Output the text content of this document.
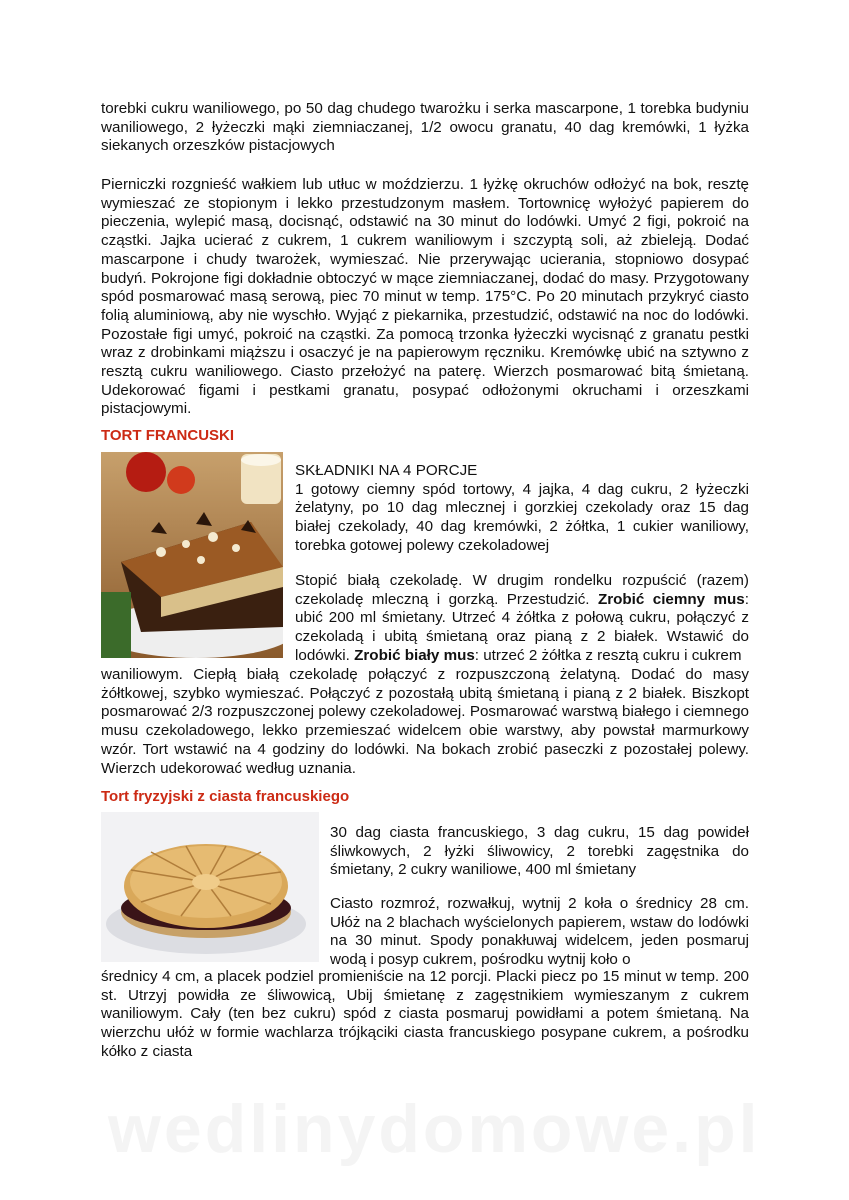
torebki cukru waniliowego, po 50 dag chudego twarożku i serka mascarpone, 1 torebka budyniu waniliowego, 2 łyżeczki mąki ziemniaczanej, 1/2 owocu granatu, 40 dag kremówki, 1 łyżka siekanych orzeszków pistacjowych

Pierniczki rozgnieść wałkiem lub utłuc w moździerzu. 1 łyżkę okruchów odłożyć na bok, resztę wymieszać ze stopionym i lekko przestudzonym masłem. Tortownicę wyłożyć papierem do pieczenia, wylepić masą, docisnąć, odstawić na 30 minut do lodówki. Umyć 2 figi, pokroić na cząstki. Jajka ucierać z cukrem, 1 cukrem waniliowym i szczyptą soli, aż zbieleją. Dodać mascarpone i chudy twarożek, wymieszać. Nie przerywając ucierania, stopniowo dosypać budyń. Pokrojone figi dokładnie obtoczyć w mące ziemniaczanej, dodać do masy. Przygotowany spód posmarować masą serową, piec 70 minut w temp. 175°C. Po 20 minutach przykryć ciasto folią aluminiową, aby nie wyschło. Wyjąć z piekarnika, przestudzić, odstawić na noc do lodówki. Pozostałe figi umyć, pokroić na cząstki. Za pomocą trzonka łyżeczki wycisnąć z granatu pestki wraz z drobinkami miąższu i osaczyć je na papierowym ręczniku. Kremówkę ubić na sztywno z resztą cukru waniliowego. Ciasto przełożyć na paterę. Wierzch posmarować bitą śmietaną. Udekorować figami i pestkami granatu, posypać odłożonymi okruchami i orzeszkami pistacjowymi.

TORT FRANCUSKI

SKŁADNIKI NA 4 PORCJE

1 gotowy ciemny spód tortowy, 4 jajka, 4 dag cukru, 2 łyżeczki żelatyny, po 10 dag mlecznej i gorzkiej czekolady oraz 15 dag białej czekolady, 40 dag kremówki, 2 żółtka, 1 cukier waniliowy, torebka gotowej polewy czekoladowej

Stopić białą czekoladę. W drugim rondelku rozpuścić (razem) czekoladę mleczną i gorzką. Przestudzić. Zrobić ciemny mus: ubić 200 ml śmietany. Utrzeć 4 żółtka z połową cukru, połączyć z czekoladą i ubitą śmietaną oraz pianą z 2 białek. Wstawić do lodówki. Zrobić biały mus: utrzeć 2 żółtka z resztą cukru i cukrem

waniliowym. Ciepłą białą czekoladę połączyć z rozpuszczoną żelatyną. Dodać do masy żółtkowej, szybko wymieszać. Połączyć z pozostałą ubitą śmietaną i pianą z 2 białek. Biszkopt posmarować 2/3 rozpuszczonej polewy czekoladowej. Posmarować warstwą białego i ciemnego musu czekoladowego, lekko przemieszać widelcem obie warstwy, aby powstał marmurkowy wzór. Tort wstawić na 4 godziny do lodówki. Na bokach zrobić paseczki z pozostałej polewy. Wierzch udekorować według uznania.

Tort fryzyjski z ciasta francuskiego

30 dag ciasta francuskiego, 3 dag cukru, 15 dag powideł śliwkowych, 2 łyżki śliwowicy, 2 torebki zagęstnika do śmietany, 2 cukry waniliowe, 400 ml śmietany

Ciasto rozmroź, rozwałkuj, wytnij 2 koła o średnicy 28 cm. Ułóż na 2 blachach wyścielonych papierem, wstaw do lodówki na 30 minut. Spody ponakłuwaj widelcem, jeden posmaruj wodą i posyp cukrem, pośrodku wytnij koło o

średnicy 4 cm, a placek podziel promieniście na 12 porcji. Placki piecz po 15 minut w temp. 200 st. Utrzyj powidła ze śliwowicą, Ubij śmietanę z zagęstnikiem wymieszanym z cukrem waniliowym. Cały (ten bez cukru) spód z ciasta posmaruj powidłami a potem śmietaną. Na wierzchu ułóż w formie wachlarza trójkąciki ciasta francuskiego posypane cukrem, a pośrodku kółko z ciasta

wedlinydomowe.pl
